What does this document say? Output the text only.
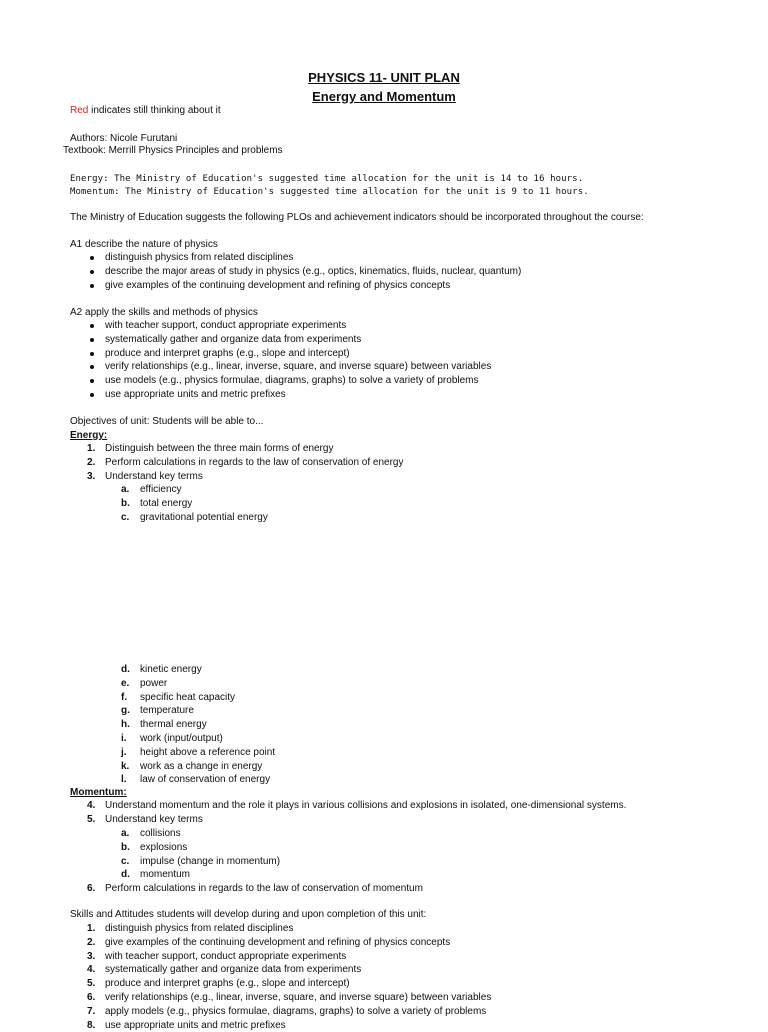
PHYSICS 11- UNIT PLAN
Energy and Momentum
Red indicates still thinking about it
Authors: Nicole Furutani
Textbook: Merrill Physics Principles and problems
Energy: The Ministry of Education's suggested time allocation for the unit is 14 to 16 hours.
Momentum: The Ministry of Education's suggested time allocation for the unit is 9 to 11 hours.
The Ministry of Education suggests the following PLOs and achievement indicators should be incorporated throughout the course:
A1 describe the nature of physics
distinguish physics from related disciplines
describe the major areas of study in physics (e.g., optics, kinematics, fluids, nuclear, quantum)
give examples of the continuing development and refining of physics concepts
A2 apply the skills and methods of physics
with teacher support, conduct appropriate experiments
systematically gather and organize data from experiments
produce and interpret graphs (e.g., slope and intercept)
verify relationships (e.g., linear, inverse, square, and inverse square) between variables
use models (e.g., physics formulae, diagrams, graphs) to solve a variety of problems
use appropriate units and metric prefixes
Objectives of unit: Students will be able to...
Energy:
1. Distinguish between the three main forms of energy
2. Perform calculations in regards to the law of conservation of energy
3. Understand key terms
a. efficiency
b. total energy
c. gravitational potential energy
d. kinetic energy
e. power
f. specific heat capacity
g. temperature
h. thermal energy
i. work (input/output)
j. height above a reference point
k. work as a change in energy
l. law of conservation of energy
Momentum:
4. Understand momentum and the role it plays in various collisions and explosions in isolated, one-dimensional systems.
5. Understand key terms
a. collisions
b. explosions
c. impulse (change in momentum)
d. momentum
6. Perform calculations in regards to the law of conservation of momentum
Skills and Attitudes students will develop during and upon completion of this unit:
1. distinguish physics from related disciplines
2. give examples of the continuing development and refining of physics concepts
3. with teacher support, conduct appropriate experiments
4. systematically gather and organize data from experiments
5. produce and interpret graphs (e.g., slope and intercept)
6. verify relationships (e.g., linear, inverse, square, and inverse square) between variables
7. apply models (e.g., physics formulae, diagrams, graphs) to solve a variety of problems
8. use appropriate units and metric prefixes
